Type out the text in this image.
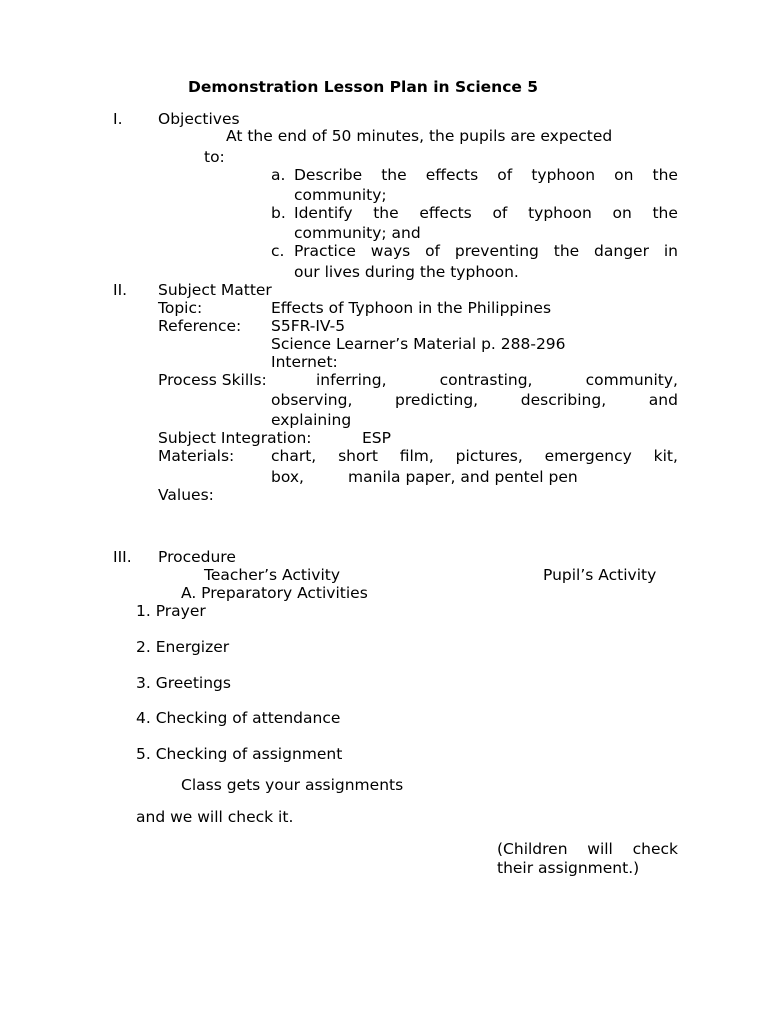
Demonstration Lesson Plan in Science 5
I. Objectives
At the end of 50 minutes, the pupils are expected
to:
a. Describe the effects of typhoon on the
community;
b. Identify the effects of typhoon on the
community; and
c. Practice ways of preventing the danger in
our lives during the typhoon.
II. Subject Matter
Topic:	Effects of Typhoon in the Philippines
Reference: S5FR-IV-5
Science Learner’s Material p. 288-296
Internet:
Process Skills:	inferring,	contrasting,	community,
observing,	predicting,	describing,	and
explaining
Subject Integration:	ESP
Materials: chart, short film, pictures, emergency kit,
box,	manila paper, and pentel pen
Values:
III. Procedure
Teacher’s Activity	Pupil’s Activity
A. Preparatory Activities
1. Prayer
2. Energizer
3. Greetings
4. Checking of attendance
5. Checking of assignment
Class gets your assignments
and we will check it.
(Children will check
their assignment.)
